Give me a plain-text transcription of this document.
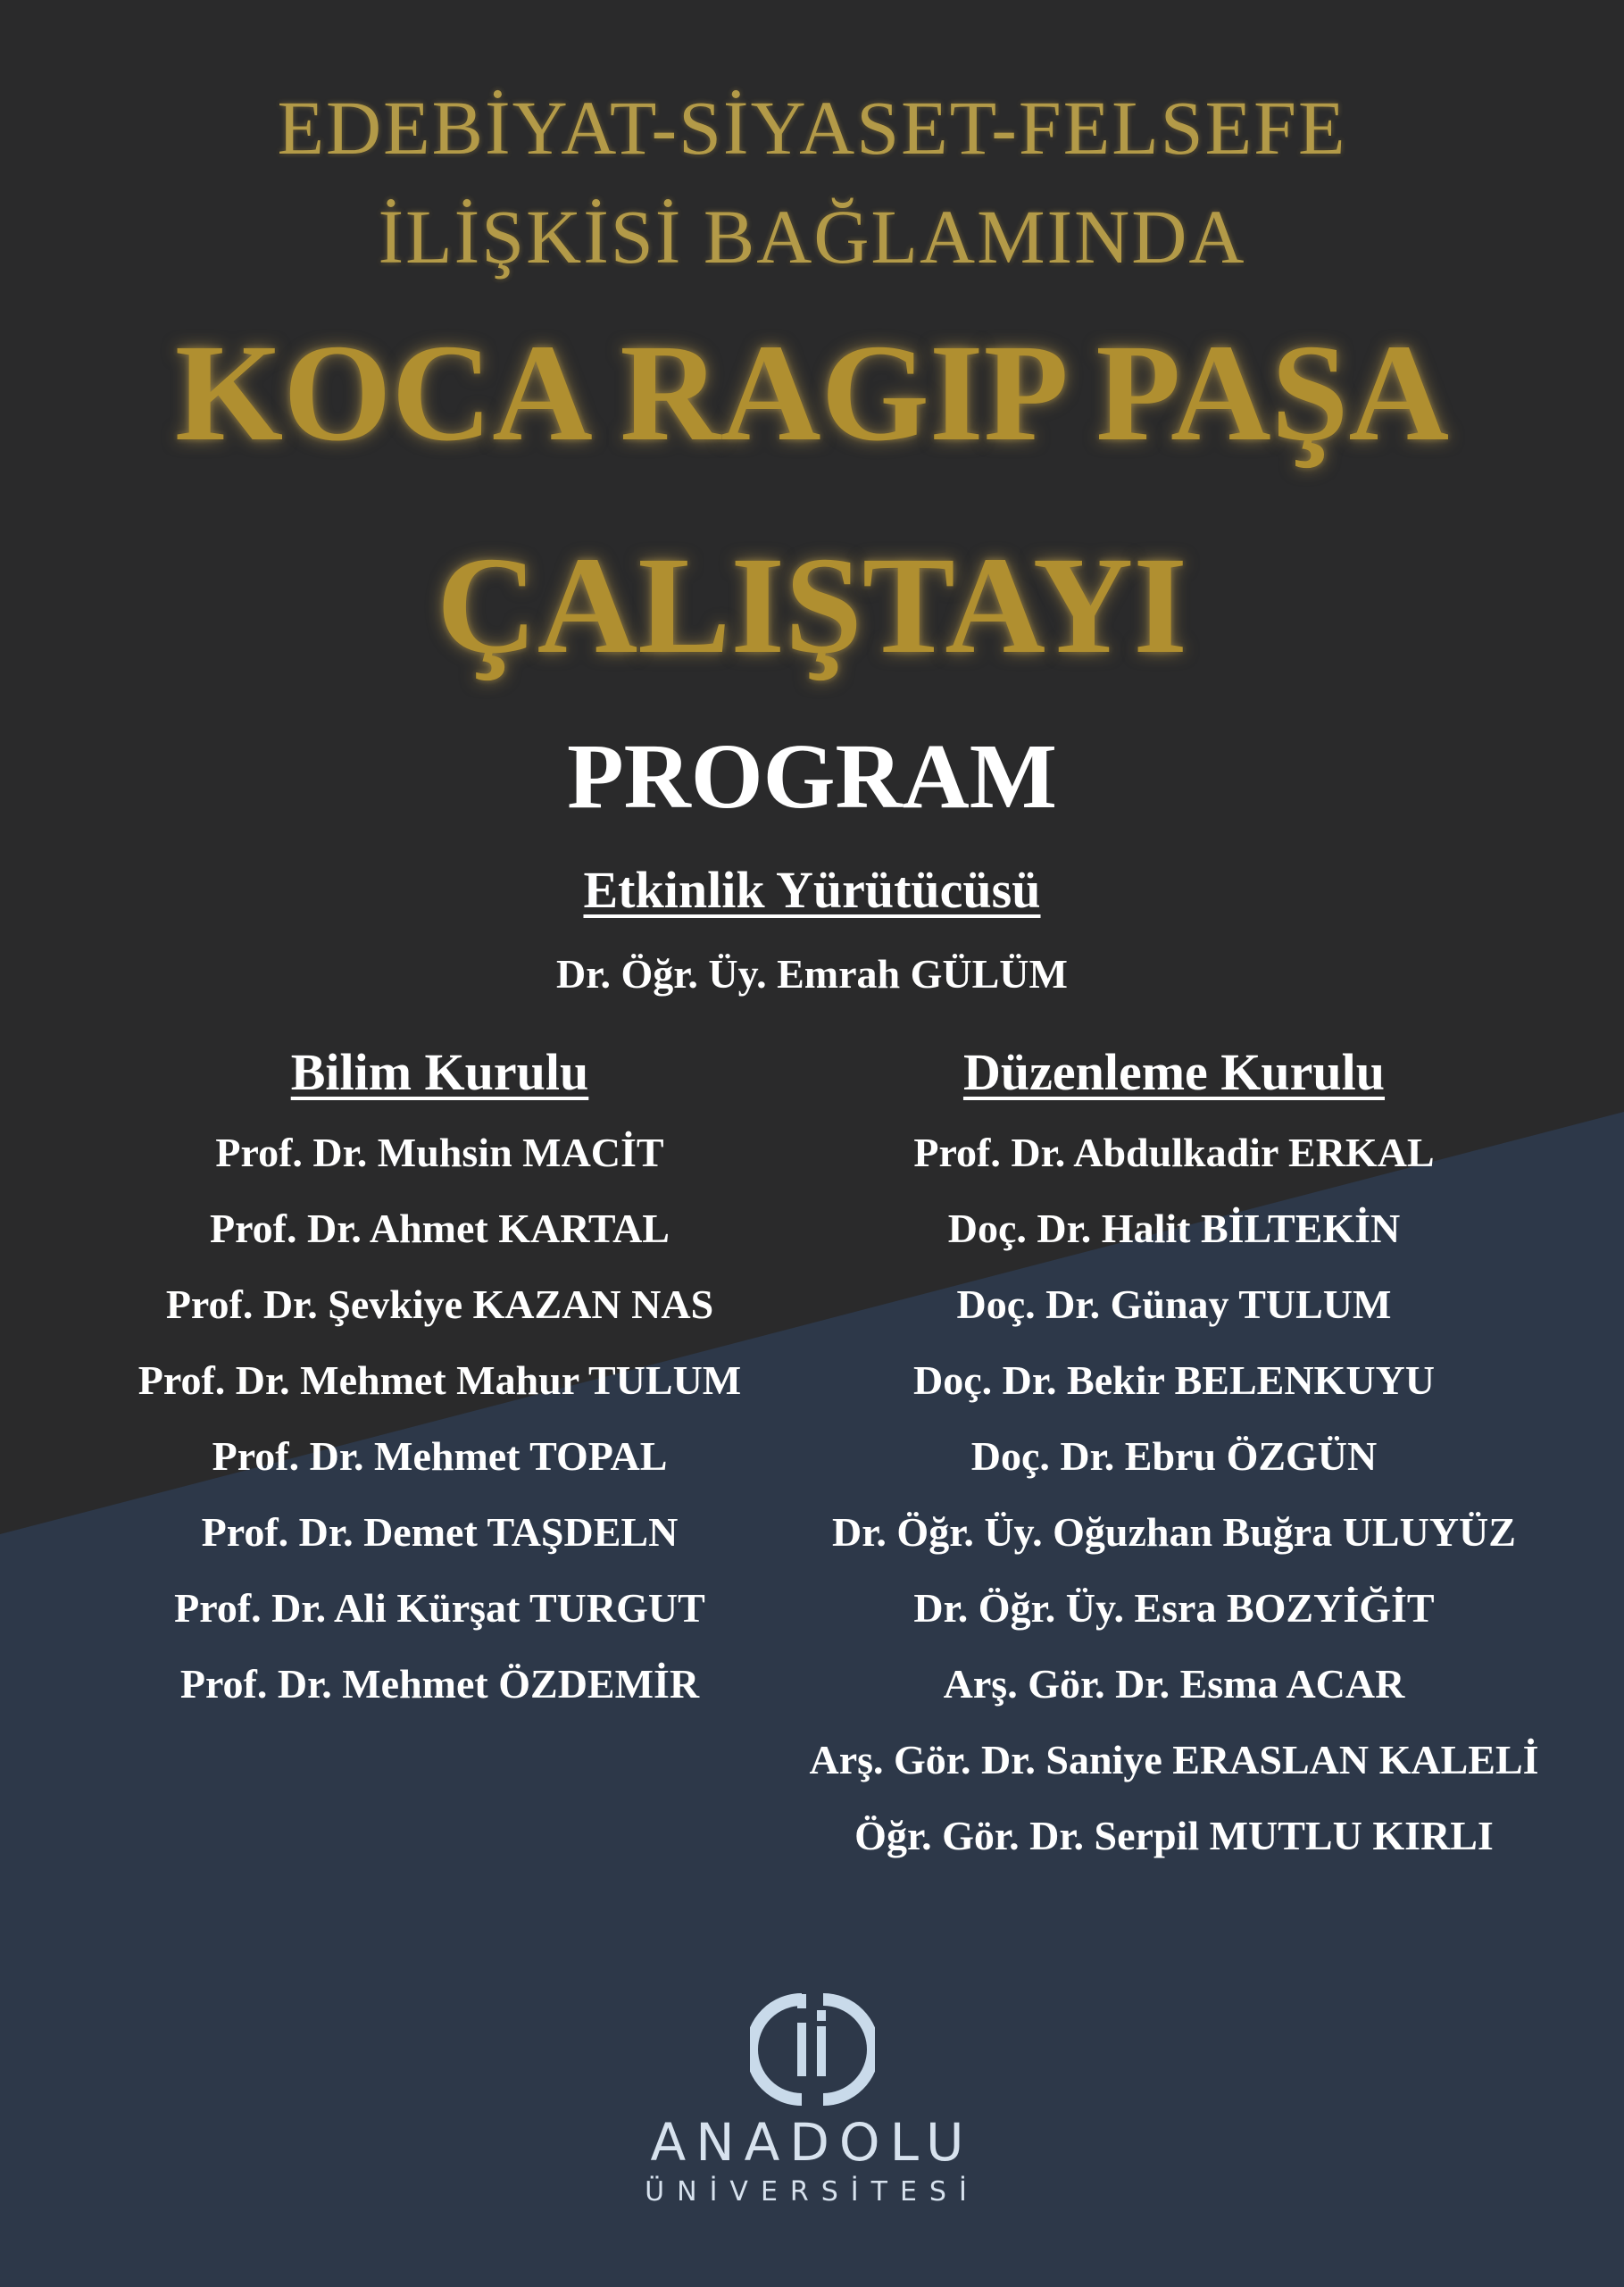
EDEBİYAT-SİYASET-FELSEFE
İLİŞKİSİ BAĞLAMINDA
KOCA RAGIP PAŞA
ÇALIŞTAYI
PROGRAM
Etkinlik Yürütücüsü
Dr. Öğr. Üy. Emrah GÜLÜM
Bilim Kurulu
Prof. Dr. Muhsin MACİT
Prof. Dr. Ahmet KARTAL
Prof. Dr. Şevkiye KAZAN NAS
Prof. Dr. Mehmet Mahur TULUM
Prof. Dr. Mehmet TOPAL
Prof. Dr. Demet TAŞDELN
Prof. Dr. Ali Kürşat TURGUT
Prof. Dr. Mehmet ÖZDEMİR
Düzenleme Kurulu
Prof. Dr. Abdulkadir ERKAL
Doç. Dr. Halit BİLTEKİN
Doç. Dr. Günay TULUM
Doç. Dr. Bekir BELENKUYU
Doç. Dr. Ebru ÖZGÜN
Dr. Öğr. Üy. Oğuzhan Buğra ULUYÜZ
Dr. Öğr. Üy. Esra BOZYİĞİT
Arş. Gör. Dr. Esma ACAR
Arş. Gör. Dr. Saniye ERASLAN KALELİ
Öğr. Gör. Dr. Serpil MUTLU KIRLI
ANADOLU
ÜNİVERSİTESİ
